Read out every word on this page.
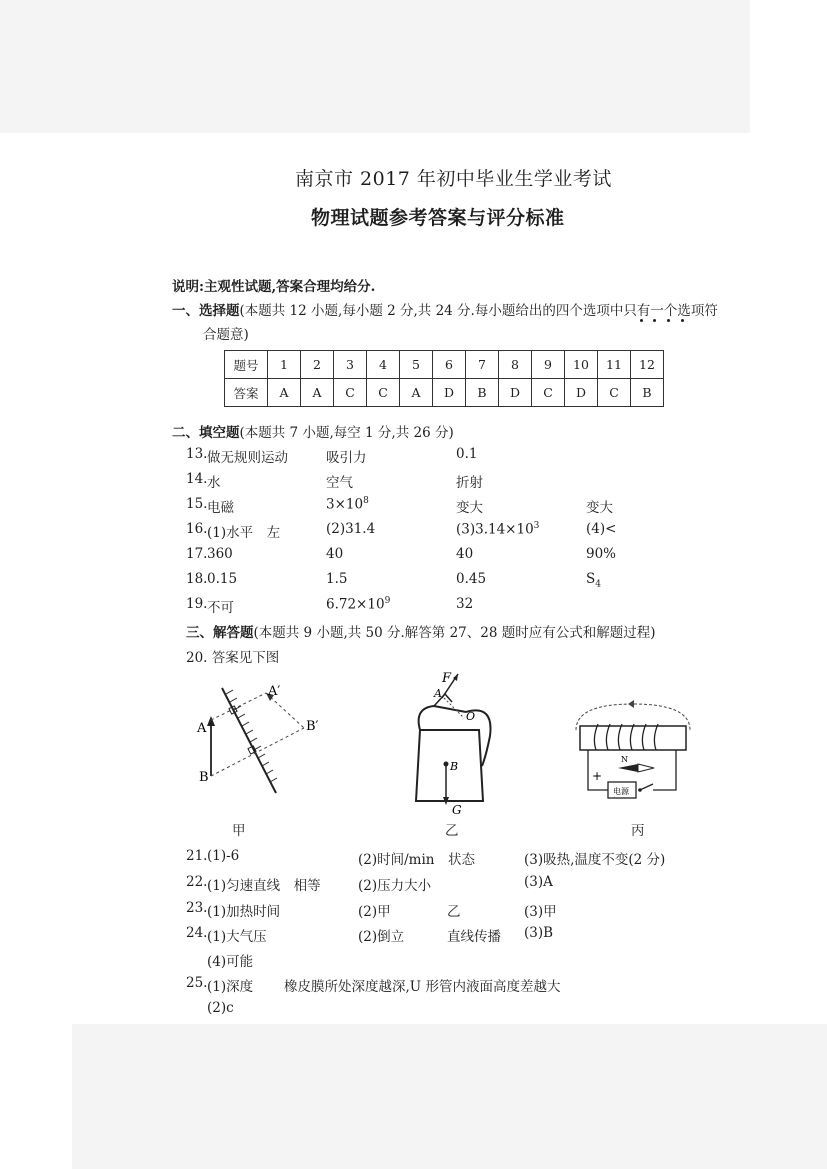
南京市 2017 年初中毕业生学业考试
物理试题参考答案与评分标准
说明:主观性试题,答案合理均给分.
一、选择题(本题共 12 小题,每小题 2 分,共 24 分.每小题给出的四个选项中只有一个选项符
合题意)
题号	1	2	3	4	5	6	7	8	9	10	11	12
答案	A	A	C	C	A	D	B	D	C	D	C	B
二、填空题(本题共 7 小题,每空 1 分,共 26 分)
13. 做无规则运动	吸引力	0.1
14. 水	空气	折射
15. 电磁	$3\times 10^8$	变大	变大
16. (1)水平　左	(2)31.4	$(3)3.14\times 10^3$	(4)<
17. 360	40	40	90%
18. 0.15	1.5	0.45	$S_4$
19. 不可	$6.72\times 10^9$	32
三、解答题(本题共 9 小题,共 50 分.解答第 27、28 题时应有公式和解题过程)
20. 答案见下图
A
B
A′
B′
F
A
O
B
G
N
+
电源
甲	乙	丙
21. (1)-6	(2)时间/min　状态	(3)吸热,温度不变(2 分)
22. (1)匀速直线　相等	(2)压力大小	(3)A
23. (1)加热时间	(2)甲	乙	(3)甲
24. (1)大气压	(2)倒立	直线传播 (3)B
(4)可能
25. (1)深度 橡皮膜所处深度越深,U 形管内液面高度差越大
(2)c
